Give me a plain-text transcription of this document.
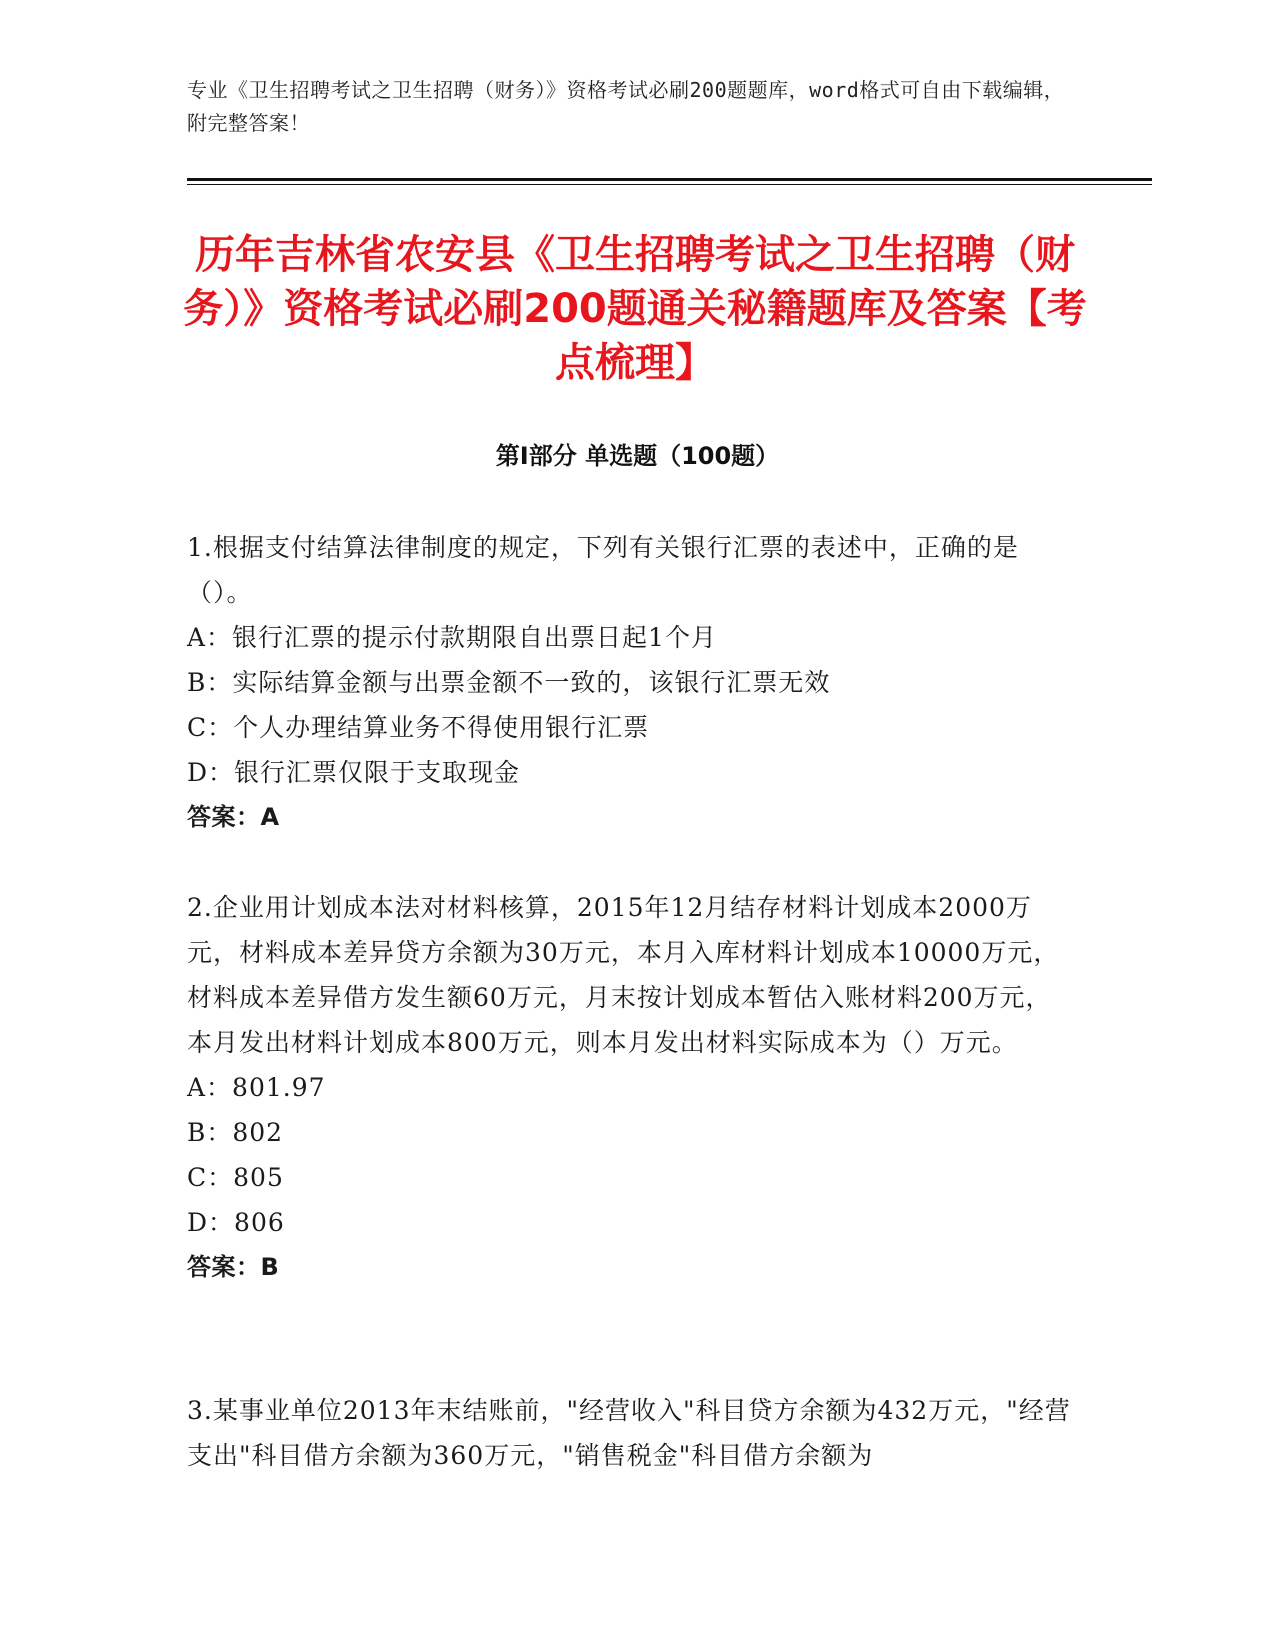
专业《卫生招聘考试之卫生招聘（财务）》资格考试必刷200题题库，word格式可自由下载编辑，附完整答案！
历年吉林省农安县《卫生招聘考试之卫生招聘（财务）》资格考试必刷200题通关秘籍题库及答案【考点梳理】
第Ⅰ部分 单选题（100题）

1.根据支付结算法律制度的规定，下列有关银行汇票的表述中，正确的是（）。

A：银行汇票的提示付款期限自出票日起1个月

B：实际结算金额与出票金额不一致的，该银行汇票无效

C：个人办理结算业务不得使用银行汇票

D：银行汇票仅限于支取现金

答案：A

2.企业用计划成本法对材料核算，2015年12月结存材料计划成本2000万元，材料成本差异贷方余额为30万元，本月入库材料计划成本10000万元，材料成本差异借方发生额60万元，月末按计划成本暂估入账材料200万元，本月发出材料计划成本800万元，则本月发出材料实际成本为（）万元。

A：801.97

B：802

C：805

D：806

答案：B

3.某事业单位2013年末结账前，"经营收入"科目贷方余额为432万元，"经营支出"科目借方余额为360万元，"销售税金"科目借方余额为
